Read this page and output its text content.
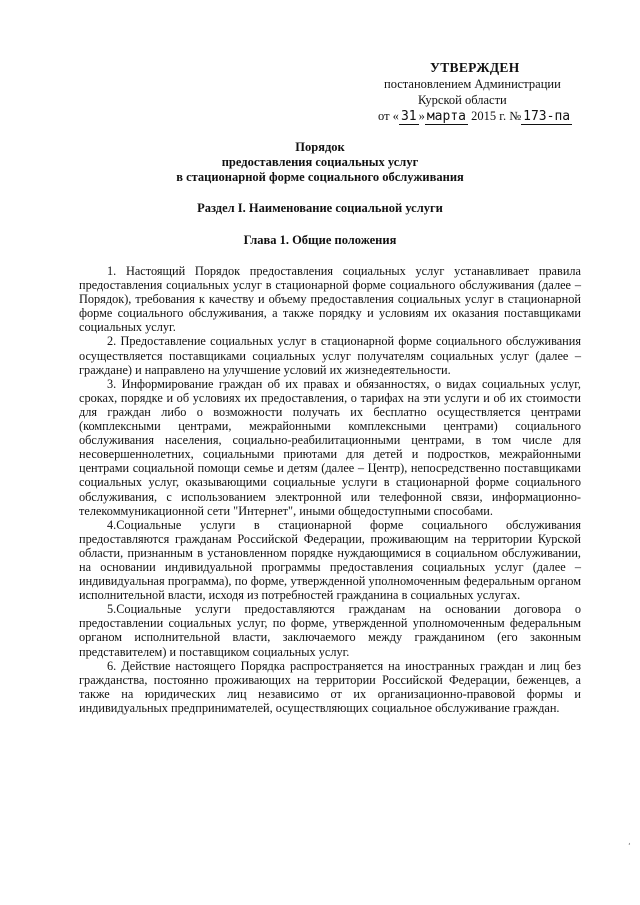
УТВЕРЖДЕН
постановлением Администрации
Курской области
от « 31 » марта 2015 г. № 173-па
Порядок
предоставления социальных услуг
в стационарной форме социального обслуживания
Раздел I. Наименование социальной услуги
Глава 1. Общие положения

1. Настоящий Порядок предоставления социальных услуг устанавливает правила предоставления социальных услуг в стационарной форме социального обслуживания (далее – Порядок), требования к качеству и объему предоставления социальных услуг в стационарной форме социального обслуживания, а также порядку и условиям их оказания поставщиками социальных услуг.

2. Предоставление социальных услуг в стационарной форме социального обслуживания осуществляется поставщиками социальных услуг получателям социальных услуг (далее – граждане) и направлено на улучшение условий их жизнедеятельности.

3. Информирование граждан об их правах и обязанностях, о видах социальных услуг, сроках, порядке и об условиях их предоставления, о тарифах на эти услуги и об их стоимости для граждан либо о возможности получать их бесплатно осуществляется центрами (комплексными центрами, межрайонными комплексными центрами) социального обслуживания населения, социально-реабилитационными центрами, в том числе для несовершеннолетних, социальными приютами для детей и подростков, межрайонными центрами социальной помощи семье и детям (далее – Центр), непосредственно поставщиками социальных услуг, оказывающими социальные услуги в стационарной форме социального обслуживания, с использованием электронной или телефонной связи, информационно-телекоммуникационной сети "Интернет", иными общедоступными способами.

4.Социальные услуги в стационарной форме социального обслуживания предоставляются гражданам Российской Федерации, проживающим на территории Курской области, признанным в установленном порядке нуждающимися в социальном обслуживании, на основании индивидуальной программы предоставления социальных услуг (далее – индивидуальная программа), по форме, утвержденной уполномоченным федеральным органом исполнительной власти, исходя из потребностей гражданина в социальных услугах.

5.Социальные услуги предоставляются гражданам на основании договора о предоставлении социальных услуг, по форме, утвержденной уполномоченным федеральным органом исполнительной власти, заключаемого между гражданином (его законным представителем) и поставщиком социальных услуг.

6. Действие настоящего Порядка распространяется на иностранных граждан и лиц без гражданства, постоянно проживающих на территории Российской Федерации, беженцев, а также на юридических лиц независимо от их организационно-правовой формы и индивидуальных предпринимателей, осуществляющих социальное обслуживание граждан.

¸
